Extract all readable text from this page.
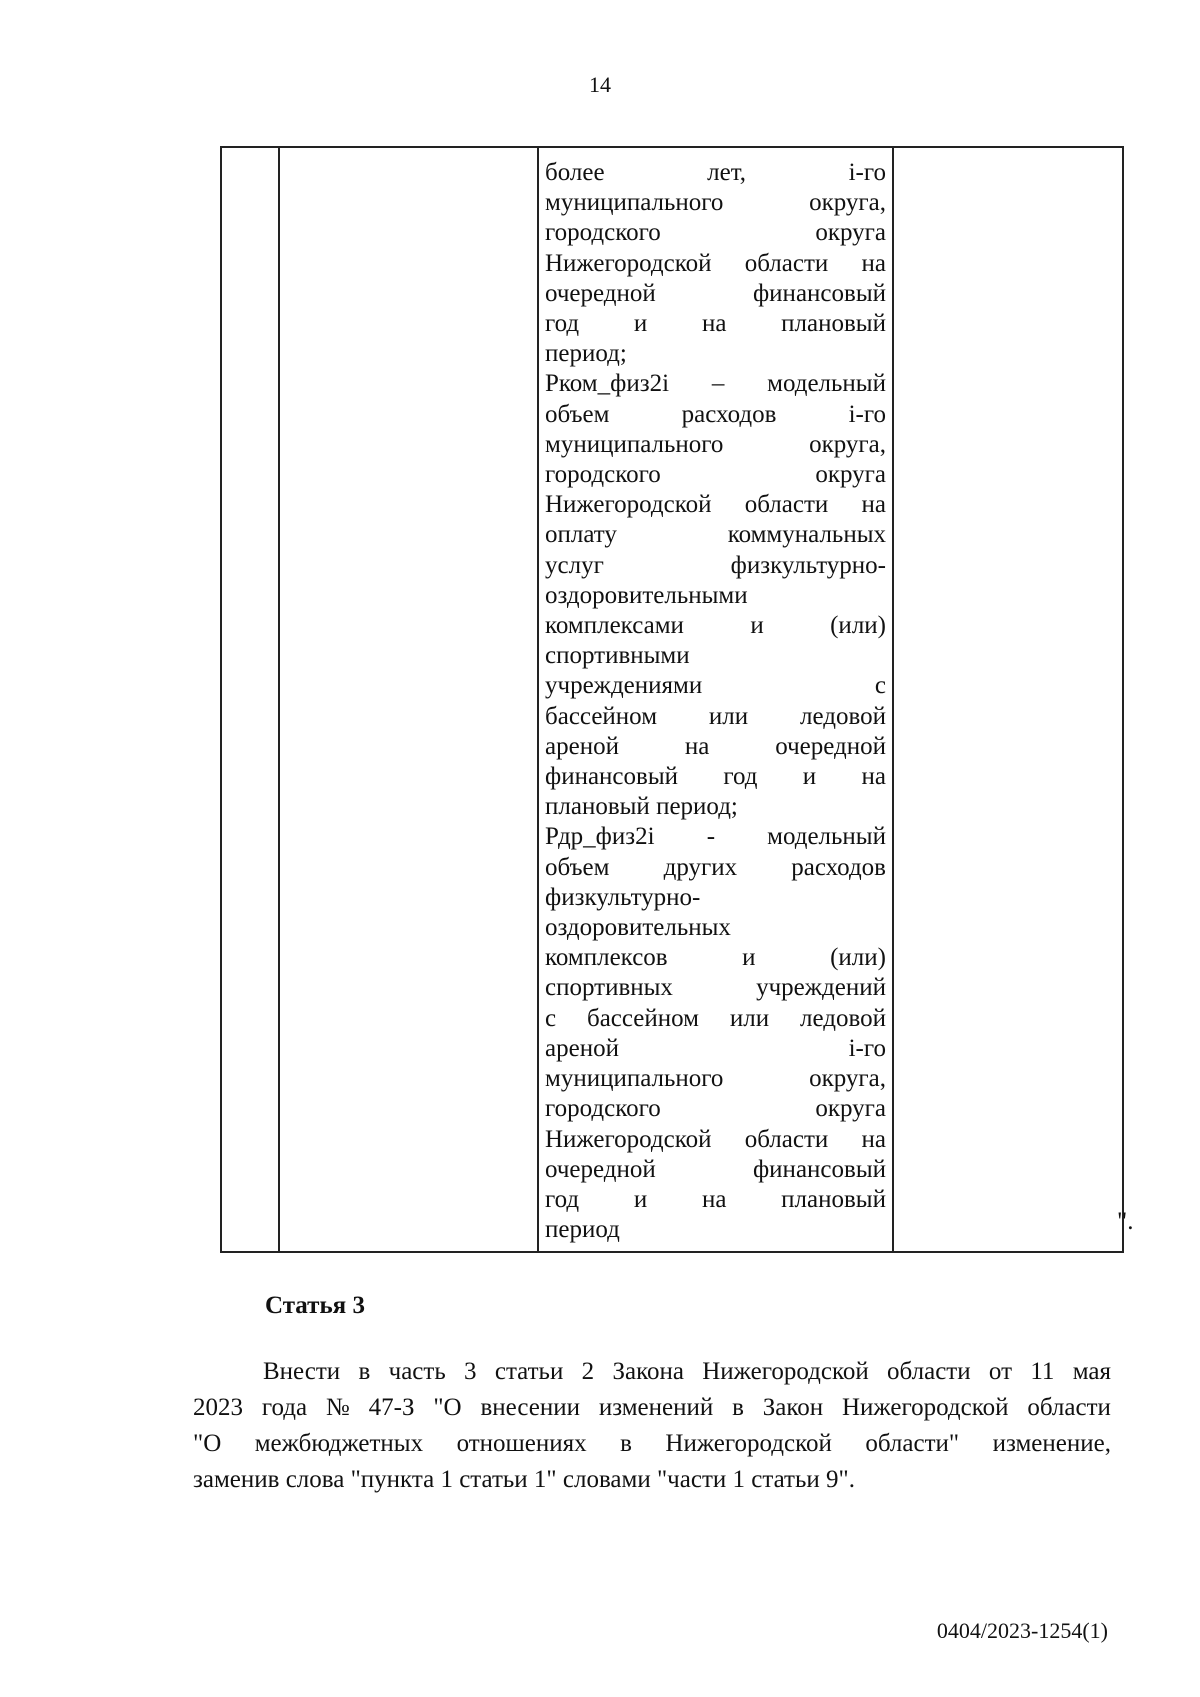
14

более	лет,	i-го
муниципального	округа,
городского	округа
Нижегородской области на
очередной	финансовый
год и на плановый
период;
Рком_физ2i – модельный
объем	расходов	i-го
муниципального	округа,
городского	округа
Нижегородской области на
оплату	коммунальных
услуг	физкультурно-
оздоровительными
комплексами	и	(или)
спортивными
учреждениями	с
бассейном или ледовой
ареной	на	очередной
финансовый год и на
плановый период;
Рдр_физ2i - модельный
объем других расходов
физкультурно-
оздоровительных
комплексов	и	(или)
спортивных	учреждений
с бассейном или ледовой
ареной	i-го
муниципального	округа,
городского	округа
Нижегородской области на
очередной	финансовый
год и на плановый
период
		".
Статья 3
Внести в часть 3 статьи 2 Закона Нижегородской области от 11 мая
2023 года № 47-З "О внесении изменений в Закон Нижегородской области
"О межбюджетных отношениях в Нижегородской области" изменение,
заменив слова "пункта 1 статьи 1" словами "части 1 статьи 9".
0404/2023-1254(1)
